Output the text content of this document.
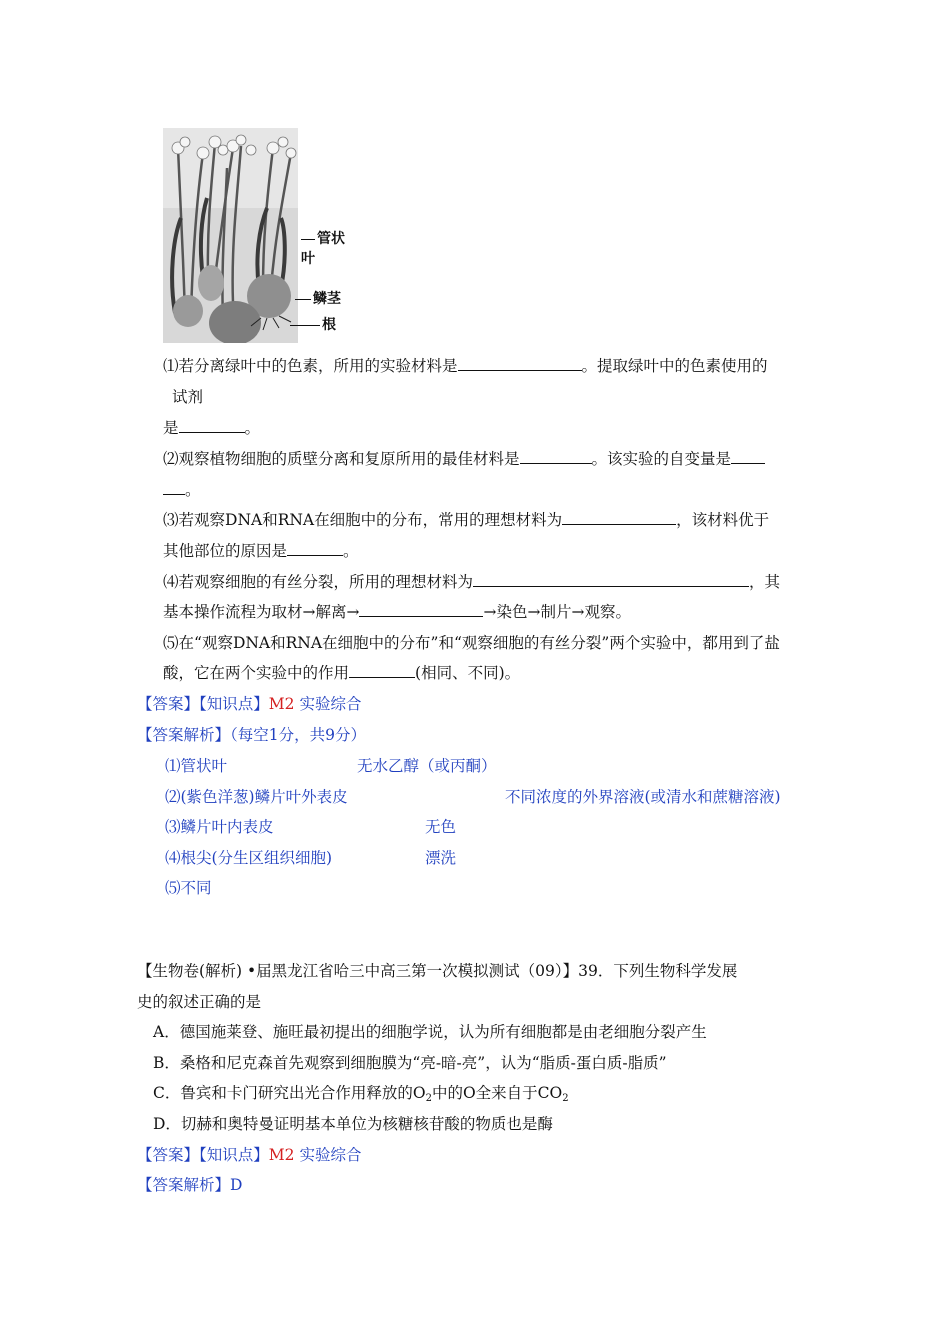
管状叶
鳞茎
根
⑴若分离绿叶中的色素，所用的实验材料是	。提取绿叶中的色素使用的
试剂
是	。
⑵观察植物细胞的质壁分离和复原所用的最佳材料是	。该实验的自变量是
。
⑶若观察DNA和RNA在细胞中的分布，常用的理想材料为	，该材料优于
其他部位的原因是	。
⑷若观察细胞的有丝分裂，所用的理想材料为	，其
基本操作流程为取材→解离→	→染色→制片→观察。
⑸在“观察DNA和RNA在细胞中的分布”和“观察细胞的有丝分裂”两个实验中，都用到了盐
酸，它在两个实验中的作用	(相同、不同)。
【答案】【知识点】M2 实验综合
【答案解析】（每空1分，共9分）
⑴管状叶	无水乙醇（或丙酮）
⑵(紫色洋葱)鳞片叶外表皮	不同浓度的外界溶液(或清水和蔗糖溶液)
⑶鳞片叶内表皮	无色
⑷根尖(分生区组织细胞)	漂洗
⑸不同
【生物卷(解析) •届黑龙江省哈三中高三第一次模拟测试（09）】39．下列生物科学发展
史的叙述正确的是
A．德国施莱登、施旺最初提出的细胞学说，认为所有细胞都是由老细胞分裂产生
B．桑格和尼克森首先观察到细胞膜为“亮-暗-亮”，认为“脂质-蛋白质-脂质”
C．鲁宾和卡门研究出光合作用释放的$O_2$中的O全来自于$CO_2$
D．切赫和奥特曼证明基本单位为核糖核苷酸的物质也是酶
【答案】【知识点】M2 实验综合
【答案解析】D
